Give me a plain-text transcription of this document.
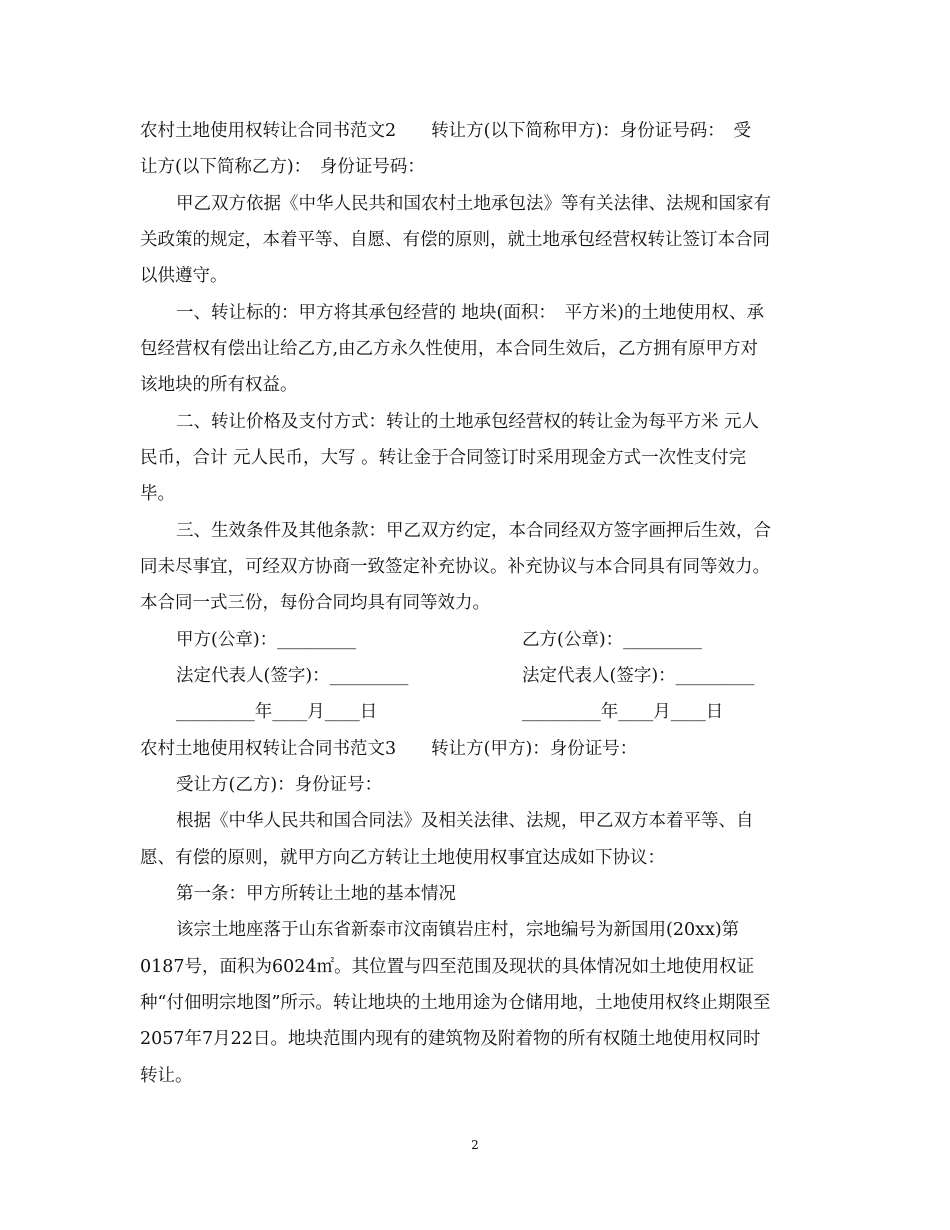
农村土地使用权转让合同书范文2　　转让方(以下简称甲方)：身份证号码：　受
让方(以下简称乙方)：　身份证号码：
甲乙双方依据《中华人民共和国农村土地承包法》等有关法律、法规和国家有
关政策的规定，本着平等、自愿、有偿的原则，就土地承包经营权转让签订本合同
以供遵守。
一、转让标的：甲方将其承包经营的 地块(面积：　平方米)的土地使用权、承
包经营权有偿出让给乙方,由乙方永久性使用，本合同生效后，乙方拥有原甲方对
该地块的所有权益。
二、转让价格及支付方式：转让的土地承包经营权的转让金为每平方米 元人
民币，合计 元人民币，大写 。转让金于合同签订时采用现金方式一次性支付完
毕。
三、生效条件及其他条款：甲乙双方约定，本合同经双方签字画押后生效，合
同未尽事宜，可经双方协商一致签定补充协议。补充协议与本合同具有同等效力。
本合同一式三份，每份合同均具有同等效力。
甲方(公章)：_________	乙方(公章)：_________
法定代表人(签字)：_________	法定代表人(签字)：_________
_________年____月____日	_________年____月____日
农村土地使用权转让合同书范文3　　转让方(甲方)：身份证号：
受让方(乙方)：身份证号：
根据《中华人民共和国合同法》及相关法律、法规，甲乙双方本着平等、自
愿、有偿的原则，就甲方向乙方转让土地使用权事宜达成如下协议：
第一条：甲方所转让土地的基本情况
该宗土地座落于山东省新泰市汶南镇岩庄村，宗地编号为新国用(20xx)第
0187号，面积为6024㎡。其位置与四至范围及现状的具体情况如土地使用权证
种“付佃明宗地图”所示。转让地块的土地用途为仓储用地，土地使用权终止期限至
2057年7月22日。地块范围内现有的建筑物及附着物的所有权随土地使用权同时
转让。
2
